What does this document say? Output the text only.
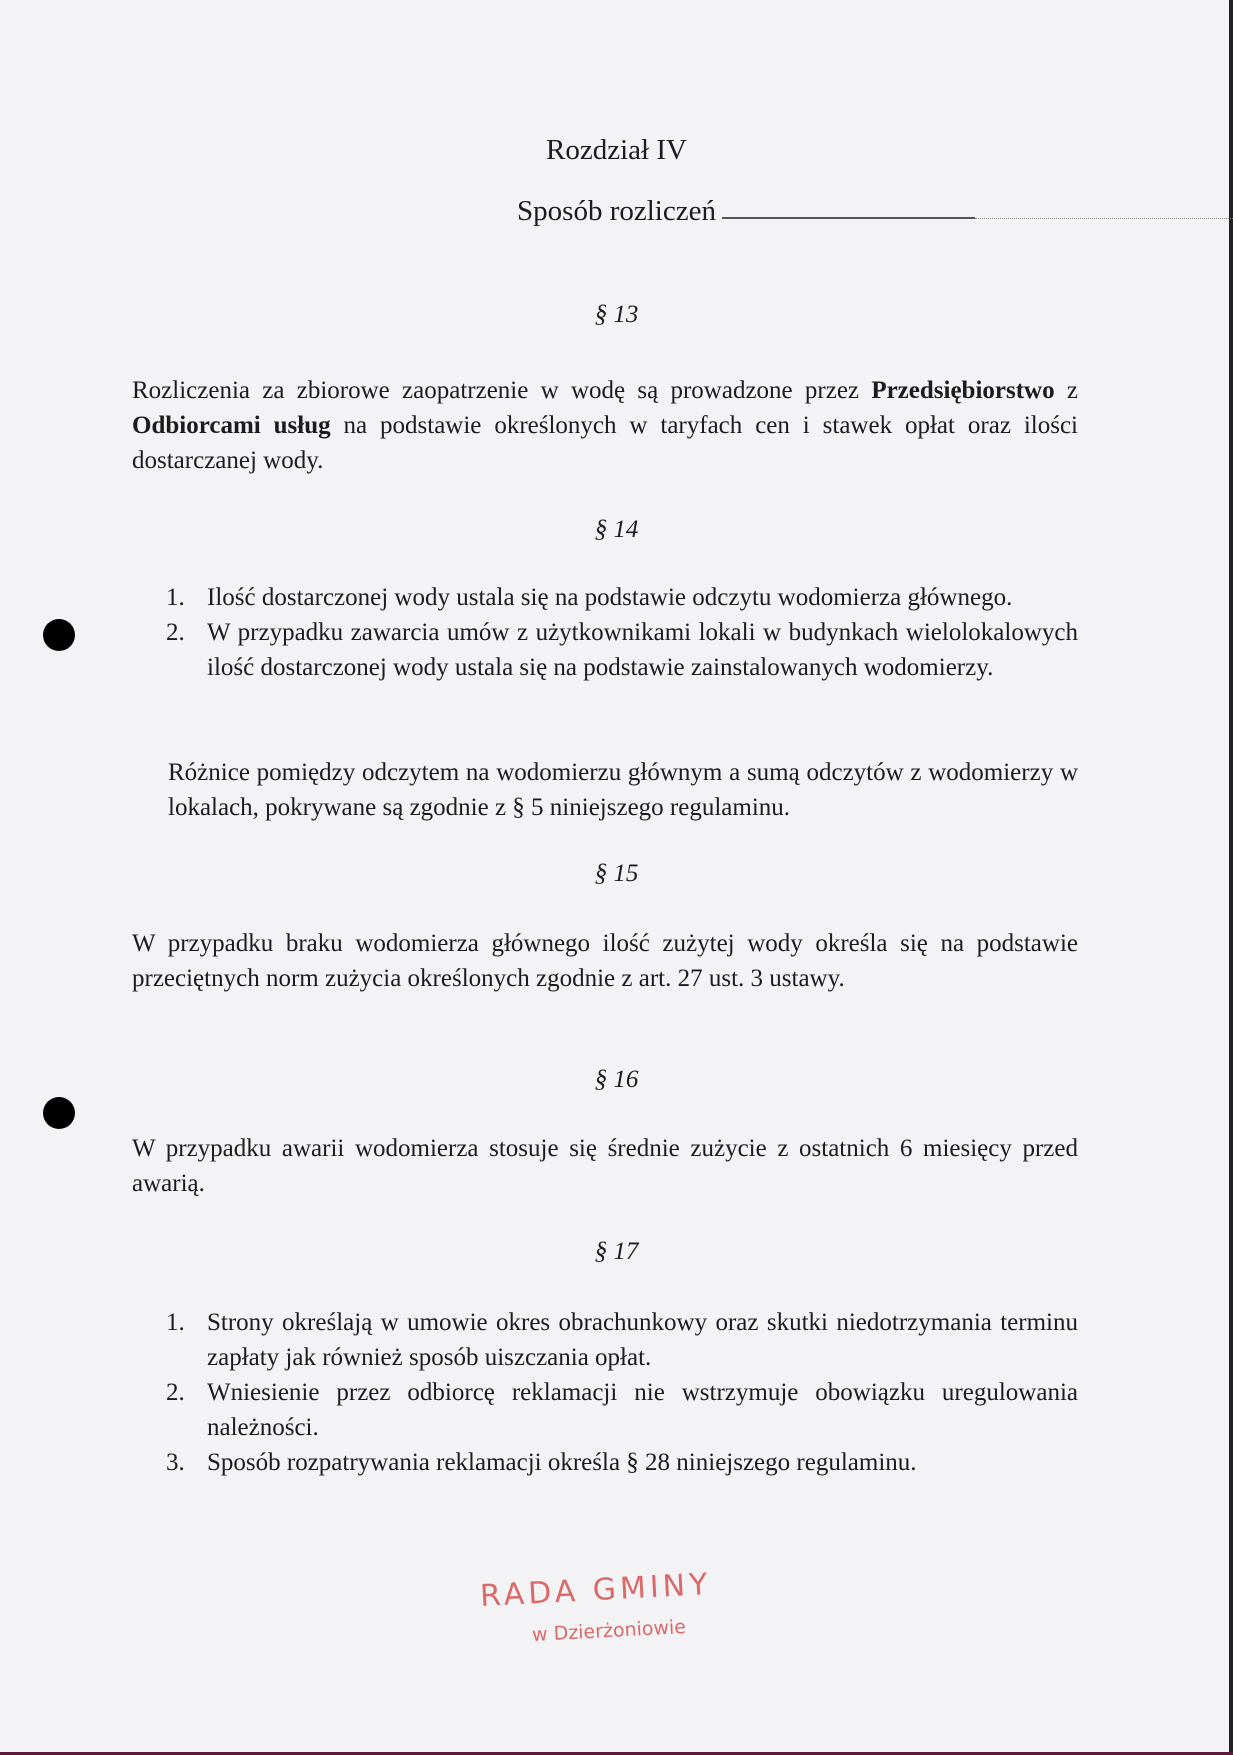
Rozdział IV
Sposób rozliczeń
§ 13
Rozliczenia za zbiorowe zaopatrzenie w wodę są prowadzone przez Przedsiębiorstwo z Odbiorcami usług na podstawie określonych w taryfach cen i stawek opłat oraz ilości dostarczanej wody.
§ 14
1. Ilość dostarczonej wody ustala się na podstawie odczytu wodomierza głównego.
2. W przypadku zawarcia umów z użytkownikami lokali w budynkach wielolokalowych ilość dostarczonej wody ustala się na podstawie zainstalowanych wodomierzy.
Różnice pomiędzy odczytem na wodomierzu głównym a sumą odczytów z wodomierzy w lokalach, pokrywane są zgodnie z § 5 niniejszego regulaminu.
§ 15
W przypadku braku wodomierza głównego ilość zużytej wody określa się na podstawie przeciętnych norm zużycia określonych zgodnie z art. 27 ust. 3 ustawy.
§ 16
W przypadku awarii wodomierza stosuje się średnie zużycie z ostatnich 6 miesięcy przed awarią.
§ 17
1. Strony określają w umowie okres obrachunkowy oraz skutki niedotrzymania terminu zapłaty jak również sposób uiszczania opłat.
2. Wniesienie przez odbiorcę reklamacji nie wstrzymuje obowiązku uregulowania należności.
3. Sposób rozpatrywania reklamacji określa § 28 niniejszego regulaminu.
RADA GMINY
w Dzierżoniowie
